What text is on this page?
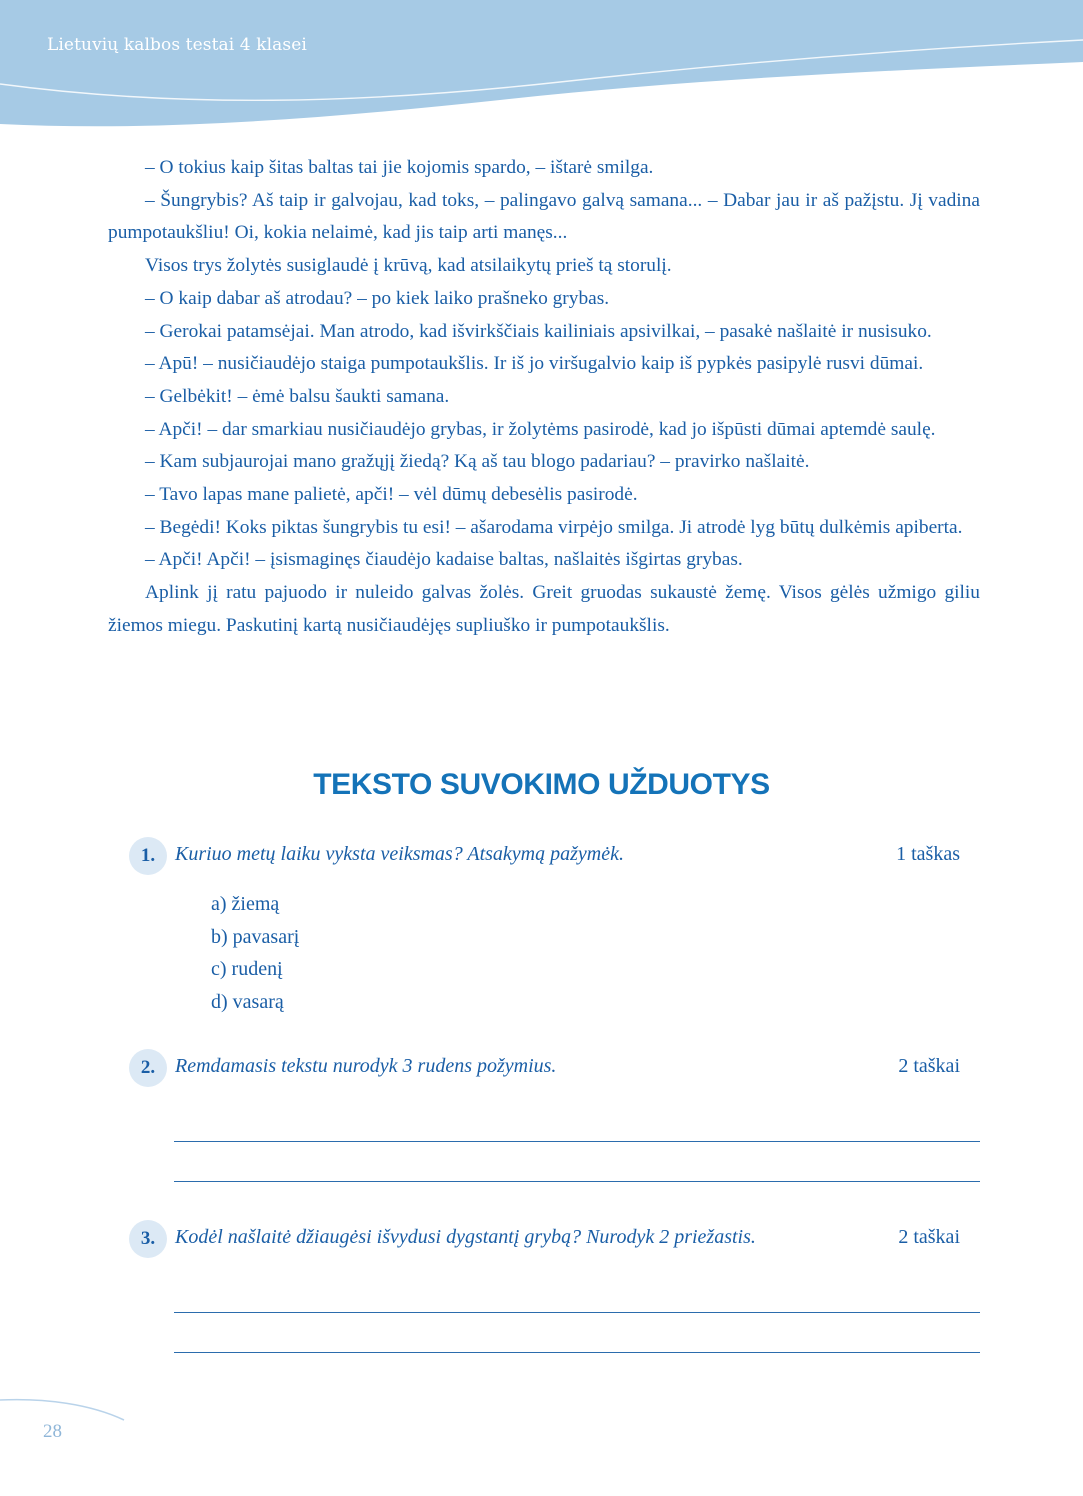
Lietuvių kalbos testai 4 klasei

– O tokius kaip šitas baltas tai jie kojomis spardo, – ištarė smilga.

– Šungrybis? Aš taip ir galvojau, kad toks, – palingavo galvą samana... – Dabar jau ir aš pažįstu. Jį vadina pumpotaukšliu! Oi, kokia nelaimė, kad jis taip arti manęs...

Visos trys žolytės susiglaudė į krūvą, kad atsilaikytų prieš tą storulį.

– O kaip dabar aš atrodau? – po kiek laiko prašneko grybas.

– Gerokai patamsėjai. Man atrodo, kad išvirkščiais kailiniais apsivilkai, – pasakė našlaitė ir nusisuko.

– Apū! – nusičiaudėjo staiga pumpotaukšlis. Ir iš jo viršugalvio kaip iš pypkės pasipylė rusvi dūmai.

– Gelbėkit! – ėmė balsu šaukti samana.

– Apči! – dar smarkiau nusičiaudėjo grybas, ir žolytėms pasirodė, kad jo išpūsti dūmai aptemdė saulę.

– Kam subjaurojai mano gražųjį žiedą? Ką aš tau blogo padariau? – pravirko našlaitė.

– Tavo lapas mane palietė, apči! – vėl dūmų debesėlis pasirodė.

– Begėdi! Koks piktas šungrybis tu esi! – ašarodama virpėjo smilga. Ji atrodė lyg būtų dulkėmis apiberta.

– Apči! Apči! – įsismaginęs čiaudėjo kadaise baltas, našlaitės išgirtas grybas.

Aplink jį ratu pajuodo ir nuleido galvas žolės. Greit gruodas sukaustė žemę. Visos gėlės užmigo giliu žiemos miegu. Paskutinį kartą nusičiaudėjęs supliuško ir pumpotaukšlis.

TEKSTO SUVOKIMO UŽDUOTYS
1. Kuriuo metų laiku vyksta veiksmas? Atsakymą pažymėk.	1 taškas
a) žiemą
b) pavasarį
c) rudenį
d) vasarą
2. Remdamasis tekstu nurodyk 3 rudens požymius.	2 taškai
3. Kodėl našlaitė džiaugėsi išvydusi dygstantį grybą? Nurodyk 2 priežastis.	2 taškai
28
